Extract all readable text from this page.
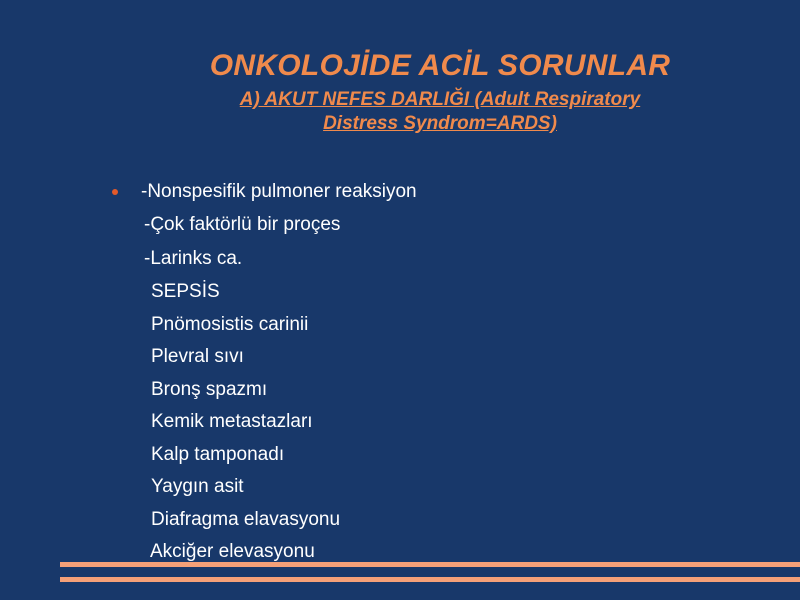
ONKOLOJİDE ACİL SORUNLAR
A) AKUT NEFES DARLIĞI (Adult Respiratory
Distress Syndrom=ARDS)
-Nonspesifik pulmoner reaksiyon
-Çok faktörlü bir proçes
-Larinks ca.
SEPSİS
Pnömosistis carinii
Plevral sıvı
Bronş spazmı
Kemik metastazları
Kalp tamponadı
Yaygın asit
Diafragma elavasyonu
Akciğer elevasyonu
